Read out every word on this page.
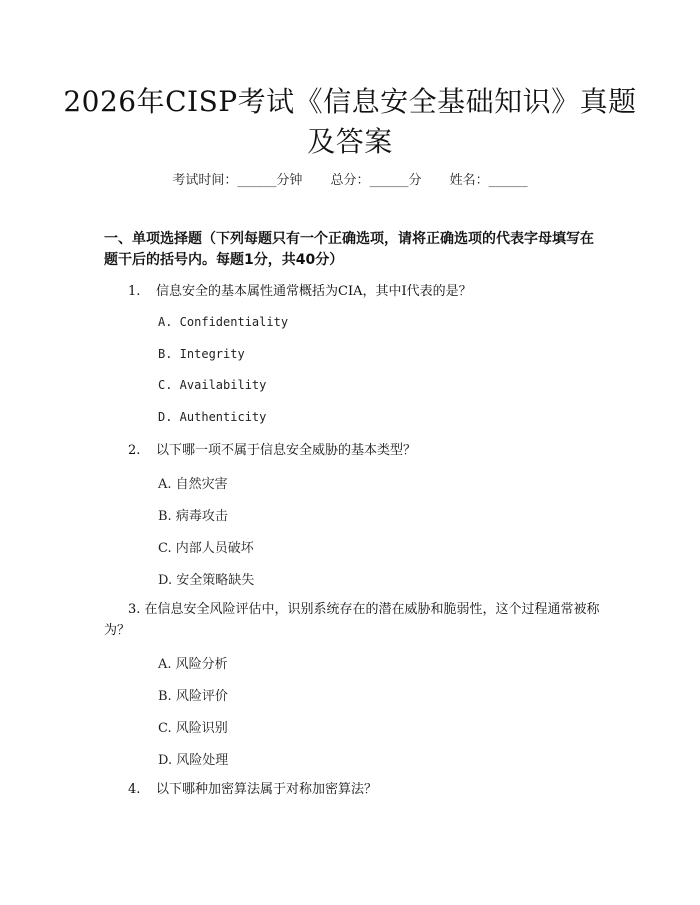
2026年CISP考试《信息安全基础知识》真题及答案
考试时间：______分钟 总分：______分 姓名：______
一、单项选择题（下列每题只有一个正确选项，请将正确选项的代表字母填写在题干后的括号内。每题1分，共40分）
1. 信息安全的基本属性通常概括为CIA，其中I代表的是？
A. Confidentiality
B. Integrity
C. Availability
D. Authenticity
2. 以下哪一项不属于信息安全威胁的基本类型？
A. 自然灾害
B. 病毒攻击
C. 内部人员破坏
D. 安全策略缺失
3. 在信息安全风险评估中，识别系统存在的潜在威胁和脆弱性，这个过程通常被称为？
A. 风险分析
B. 风险评价
C. 风险识别
D. 风险处理
4. 以下哪种加密算法属于对称加密算法？
